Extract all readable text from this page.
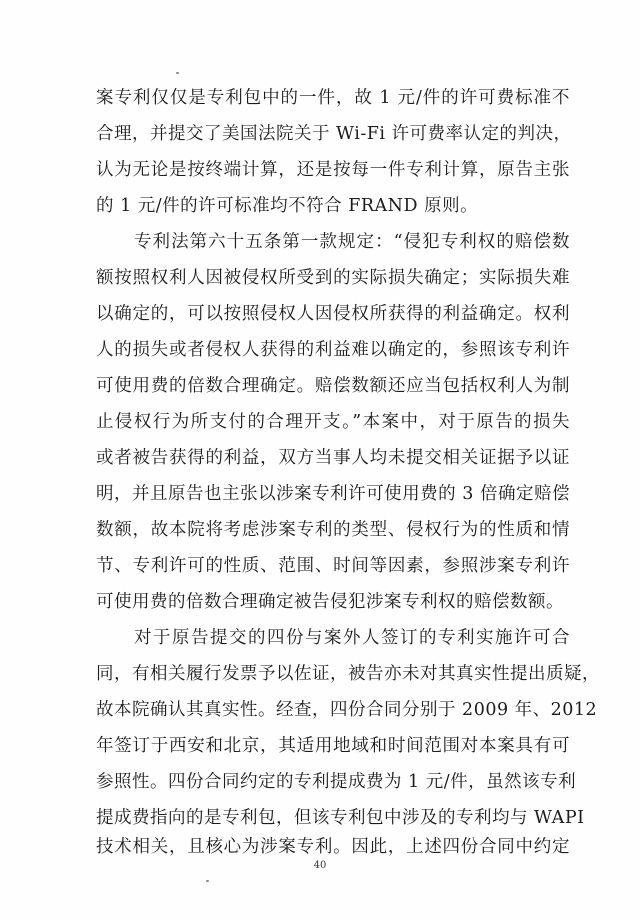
案专利仅仅是专利包中的一件，故 1 元/件的许可费标准不
合理，并提交了美国法院关于 Wi-Fi 许可费率认定的判决，
认为无论是按终端计算，还是按每一件专利计算，原告主张
的 1 元/件的许可标准均不符合 FRAND 原则。
专利法第六十五条第一款规定：“侵犯专利权的赔偿数
额按照权利人因被侵权所受到的实际损失确定；实际损失难
以确定的，可以按照侵权人因侵权所获得的利益确定。权利
人的损失或者侵权人获得的利益难以确定的，参照该专利许
可使用费的倍数合理确定。赔偿数额还应当包括权利人为制
止侵权行为所支付的合理开支。”本案中，对于原告的损失
或者被告获得的利益，双方当事人均未提交相关证据予以证
明，并且原告也主张以涉案专利许可使用费的 3 倍确定赔偿
数额，故本院将考虑涉案专利的类型、侵权行为的性质和情
节、专利许可的性质、范围、时间等因素，参照涉案专利许
可使用费的倍数合理确定被告侵犯涉案专利权的赔偿数额。
对于原告提交的四份与案外人签订的专利实施许可合
同，有相关履行发票予以佐证，被告亦未对其真实性提出质疑，
故本院确认其真实性。经查，四份合同分别于 2009 年、2012
年签订于西安和北京，其适用地域和时间范围对本案具有可
参照性。四份合同约定的专利提成费为 1 元/件，虽然该专利
提成费指向的是专利包，但该专利包中涉及的专利均与 WAPI
技术相关，且核心为涉案专利。因此，上述四份合同中约定
40
